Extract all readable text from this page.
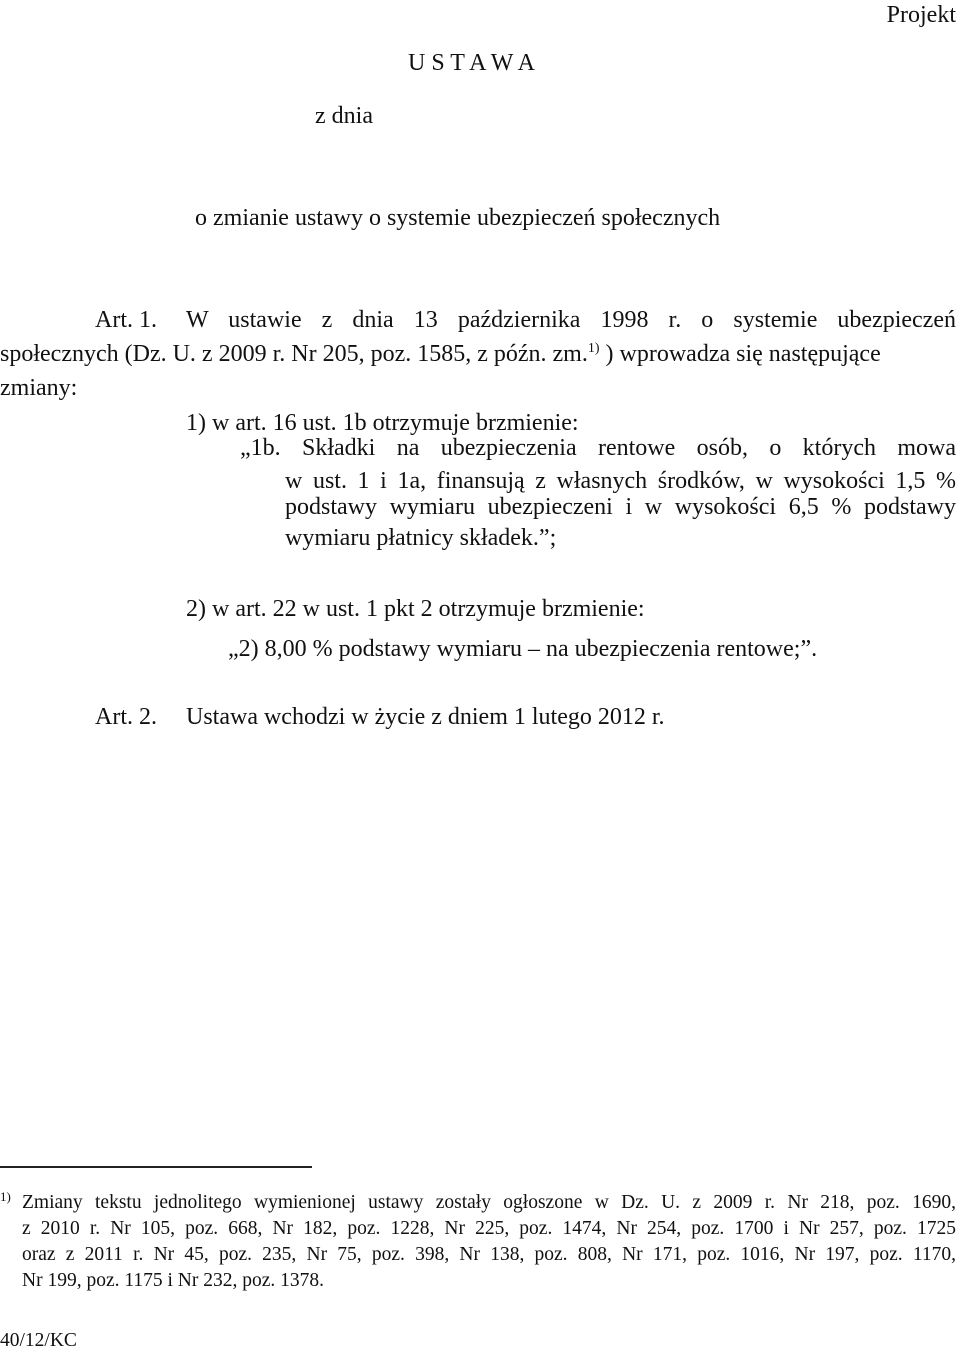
Projekt
U S T A W A
z dnia
o zmianie ustawy o systemie ubezpieczeń społecznych
Art. 1. W ustawie z dnia 13 października 1998 r. o systemie ubezpieczeń
społecznych (Dz. U. z 2009 r. Nr 205, poz. 1585, z późn. zm.$^{1)}$ ) wprowadza się następujące
zmiany:
1) w art. 16 ust. 1b otrzymuje brzmienie:
„1b. Składki na ubezpieczenia rentowe osób, o których mowa
w ust. 1 i 1a, finansują z własnych środków, w wysokości 1,5 %
podstawy wymiaru ubezpieczeni i w wysokości 6,5 % podstawy
wymiaru płatnicy składek.”;
2) w art. 22 w ust. 1 pkt 2 otrzymuje brzmienie:
„2) 8,00 % podstawy wymiaru – na ubezpieczenia rentowe;”.
Art. 2. Ustawa wchodzi w życie z dniem 1 lutego 2012 r.
1) Zmiany tekstu jednolitego wymienionej ustawy zostały ogłoszone w Dz. U. z 2009 r. Nr 218, poz. 1690,
z 2010 r. Nr 105, poz. 668, Nr 182, poz. 1228, Nr 225, poz. 1474, Nr 254, poz. 1700 i Nr 257, poz. 1725
oraz z 2011 r. Nr 45, poz. 235, Nr 75, poz. 398, Nr 138, poz. 808, Nr 171, poz. 1016, Nr 197, poz. 1170,
Nr 199, poz. 1175 i Nr 232, poz. 1378.
40/12/KC
